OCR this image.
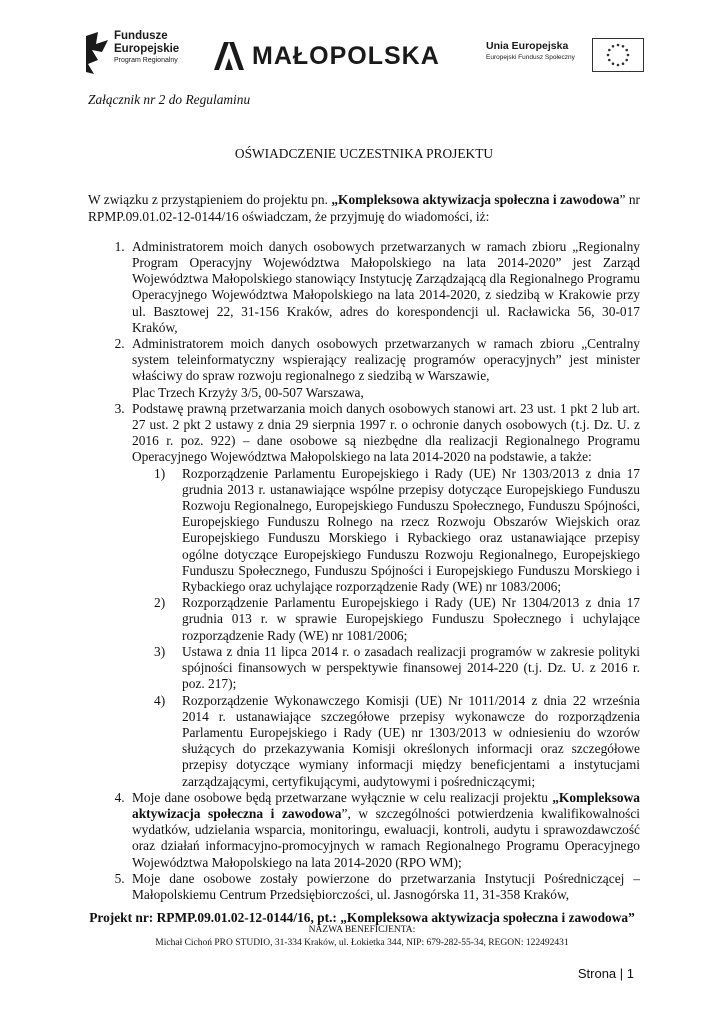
Fundusze
Europejskie
Program Regionalny	MAŁOPOLSKA	Unia Europejska
Europejski Fundusz Społeczny
Załącznik nr 2 do Regulaminu
OŚWIADCZENIE UCZESTNIKA PROJEKTU

W związku z przystąpieniem do projektu pn. „Kompleksowa aktywizacja społeczna i zawodowa” nr RPMP.09.01.02-12-0144/16 oświadczam, że przyjmuję do wiadomości, iż:

1. Administratorem moich danych osobowych przetwarzanych w ramach zbioru „Regionalny Program Operacyjny Województwa Małopolskiego na lata 2014-2020” jest Zarząd Województwa Małopolskiego stanowiący Instytucję Zarządzającą dla Regionalnego Programu Operacyjnego Województwa Małopolskiego na lata 2014-2020, z siedzibą w Krakowie przy ul. Basztowej 22, 31-156 Kraków, adres do korespondencji ul. Racławicka 56, 30-017 Kraków,
2. Administratorem moich danych osobowych przetwarzanych w ramach zbioru „Centralny system teleinformatyczny wspierający realizację programów operacyjnych” jest minister właściwy do spraw rozwoju regionalnego z siedzibą w Warszawie,
Plac Trzech Krzyży 3/5, 00-507 Warszawa,
3. Podstawę prawną przetwarzania moich danych osobowych stanowi art. 23 ust. 1 pkt 2 lub art. 27 ust. 2 pkt 2 ustawy z dnia 29 sierpnia 1997 r. o ochronie danych osobowych (t.j. Dz. U. z 2016 r. poz. 922) – dane osobowe są niezbędne dla realizacji Regionalnego Programu Operacyjnego Województwa Małopolskiego na lata 2014-2020 na podstawie, a także:
1) Rozporządzenie Parlamentu Europejskiego i Rady (UE) Nr 1303/2013 z dnia 17 grudnia 2013 r. ustanawiające wspólne przepisy dotyczące Europejskiego Funduszu Rozwoju Regionalnego, Europejskiego Funduszu Społecznego, Funduszu Spójności, Europejskiego Funduszu Rolnego na rzecz Rozwoju Obszarów Wiejskich oraz Europejskiego Funduszu Morskiego i Rybackiego oraz ustanawiające przepisy ogólne dotyczące Europejskiego Funduszu Rozwoju Regionalnego, Europejskiego Funduszu Społecznego, Funduszu Spójności i Europejskiego Funduszu Morskiego i Rybackiego oraz uchylające rozporządzenie Rady (WE) nr 1083/2006;
2) Rozporządzenie Parlamentu Europejskiego i Rady (UE) Nr 1304/2013 z dnia 17 grudnia 013 r. w sprawie Europejskiego Funduszu Społecznego i uchylające rozporządzenie Rady (WE) nr 1081/2006;
3) Ustawa z dnia 11 lipca 2014 r. o zasadach realizacji programów w zakresie polityki spójności finansowych w perspektywie finansowej 2014-220 (t.j. Dz. U. z 2016 r. poz. 217);
4) Rozporządzenie Wykonawczego Komisji (UE) Nr 1011/2014 z dnia 22 września 2014 r. ustanawiające szczegółowe przepisy wykonawcze do rozporządzenia Parlamentu Europejskiego i Rady (UE) nr 1303/2013 w odniesieniu do wzorów służących do przekazywania Komisji określonych informacji oraz szczegółowe przepisy dotyczące wymiany informacji między beneficjentami a instytucjami zarządzającymi, certyfikującymi, audytowymi i pośredniczącymi;
4. Moje dane osobowe będą przetwarzane wyłącznie w celu realizacji projektu „Kompleksowa aktywizacja społeczna i zawodowa”, w szczególności potwierdzenia kwalifikowalności wydatków, udzielania wsparcia, monitoringu, ewaluacji, kontroli, audytu i sprawozdawczość oraz działań informacyjno-promocyjnych w ramach Regionalnego Programu Operacyjnego Województwa Małopolskiego na lata 2014-2020 (RPO WM);
5. Moje dane osobowe zostały powierzone do przetwarzania Instytucji Pośredniczącej – Małopolskiemu Centrum Przedsiębiorczości, ul. Jasnogórska 11, 31-358 Kraków,
Projekt nr: RPMP.09.01.02-12-0144/16, pt.: „Kompleksowa aktywizacja społeczna i zawodowa”
NAZWA BENEFICJENTA:
Michał Cichoń PRO STUDIO, 31-334 Kraków, ul. Łokietka 344, NIP: 679-282-55-34, REGON: 122492431
Strona | 1
